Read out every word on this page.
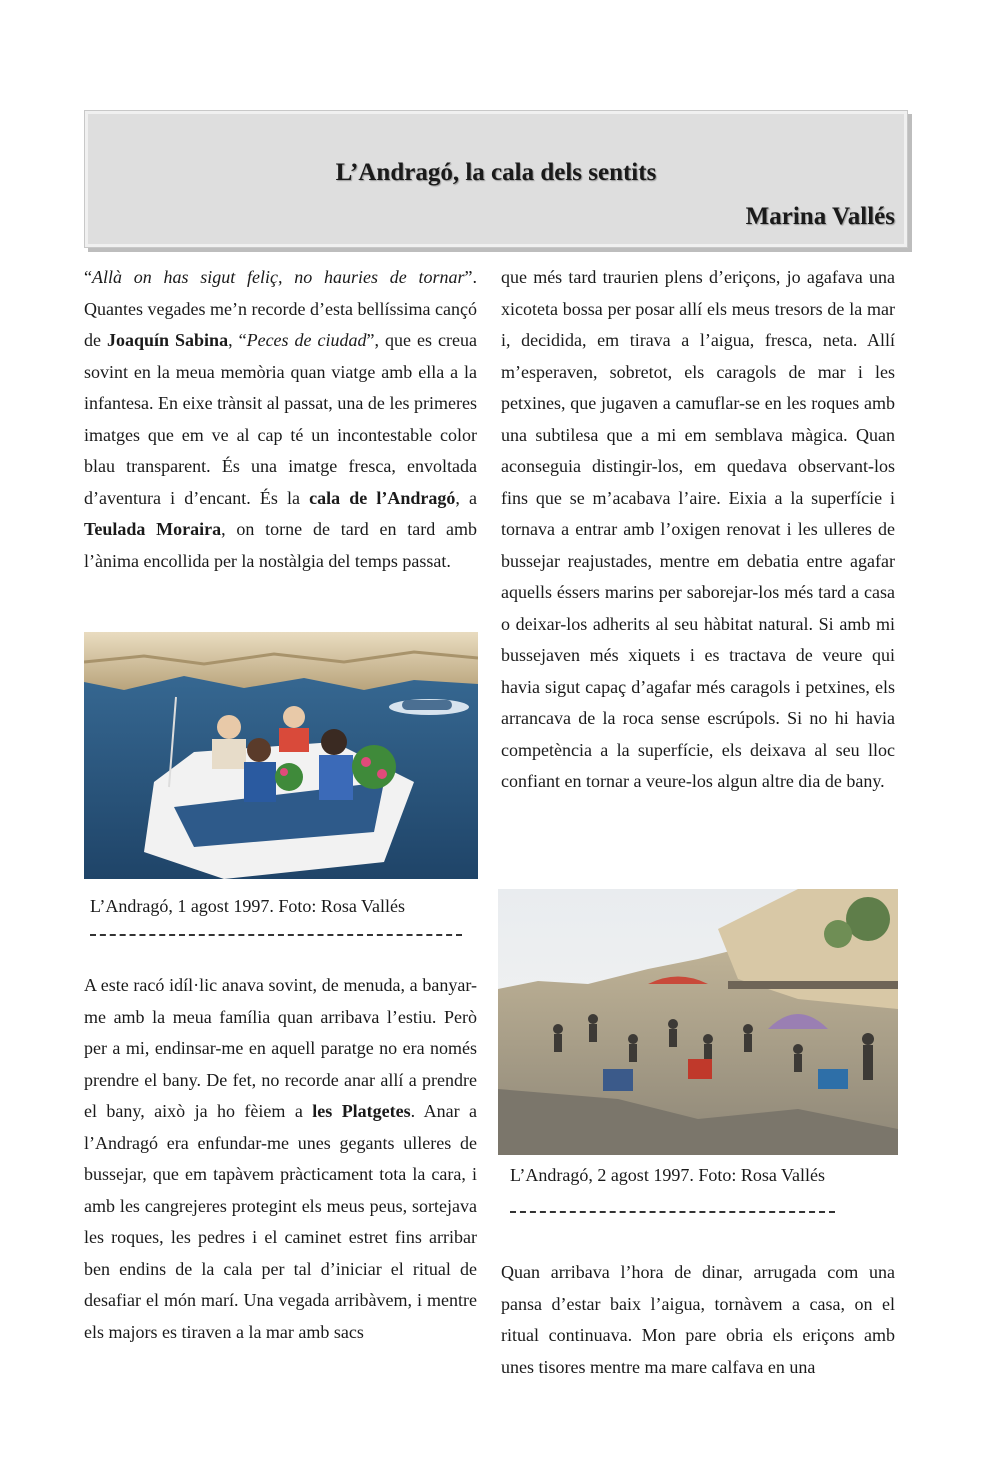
L’Andragó, la cala dels sentits
Marina Vallés

“Allà on has sigut feliç, no hauries de tornar”. Quantes vegades me’n recorde d’esta bellíssima cançó de Joaquín Sabina, “Peces de ciudad”, que es creua sovint en la meua memòria quan viatge amb ella a la infantesa. En eixe trànsit al passat, una de les primeres imatges que em ve al cap té un incontestable color blau transparent. És una imatge fresca, envoltada d’aventura i d’encant. És la cala de l’Andragó, a Teulada Moraira, on torne de tard en tard amb l’ànima encollida per la nostàlgia del temps passat.

L’Andragó, 1 agost 1997. Foto: Rosa Vallés

A este racó idíl·lic anava sovint, de menuda, a banyar-me amb la meua família quan arribava l’estiu. Però per a mi, endinsar-me en aquell paratge no era només prendre el bany. De fet, no recorde anar allí a prendre el bany, això ja ho fèiem a les Platgetes. Anar a l’Andragó era enfundar-me unes gegants ulleres de bussejar, que em tapàvem pràcticament tota la cara, i amb les cangrejeres protegint els meus peus, sortejava les roques, les pedres i el caminet estret fins arribar ben endins de la cala per tal d’iniciar el ritual de desafiar el món marí. Una vegada arribàvem, i mentre els majors es tiraven a la mar amb sacs

que més tard traurien plens d’eriçons, jo agafava una xicoteta bossa per posar allí els meus tresors de la mar i, decidida, em tirava a l’aigua, fresca, neta. Allí m’esperaven, sobretot, els caragols de mar i les petxines, que jugaven a camuflar-se en les roques amb una subtilesa que a mi em semblava màgica. Quan aconseguia distingir-los, em quedava observant-los fins que se m’acabava l’aire. Eixia a la superfície i tornava a entrar amb l’oxigen renovat i les ulleres de bussejar reajustades, mentre em debatia entre agafar aquells éssers marins per saborejar-los més tard a casa o deixar-los adherits al seu hàbitat natural. Si amb mi bussejaven més xiquets i es tractava de veure qui havia sigut capaç d’agafar més caragols i petxines, els arrancava de la roca sense escrúpols. Si no hi havia competència a la superfície, els deixava al seu lloc confiant en tornar a veure-los algun altre dia de bany.

L’Andragó, 2 agost 1997. Foto: Rosa Vallés

Quan arribava l’hora de dinar, arrugada com una pansa d’estar baix l’aigua, tornàvem a casa, on el ritual continuava. Mon pare obria els eriçons amb unes tisores mentre ma mare calfava en una
